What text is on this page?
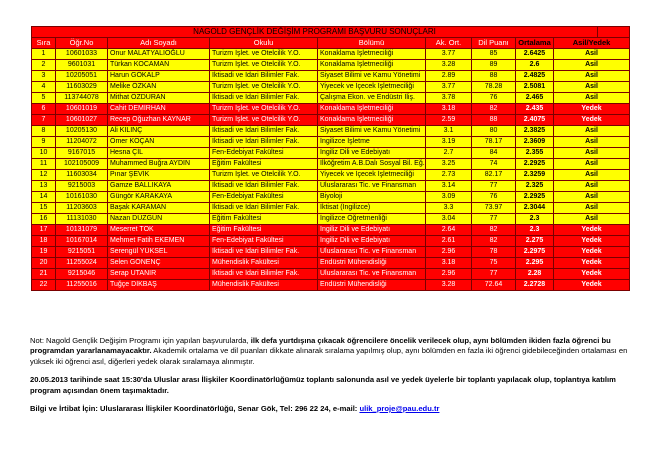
NAGOLD GENÇLİK DEĞİŞİM PROGRAMI BAŞVURU SONUÇLARI									
Sıra	Öğr.No	Adı Soyadı	Okulu	Bölümü	Ak. Ort.	Dil Puanı	Ortalama	Asil/Yedek	
1	10601033	Onur MALATYALIOĞLU	Turizm İşlet. ve Otelcilik Y.O.	Konaklama İşletmeciliği	3.77	85	2.6425	Asil	
2	9601031	Türkan KOCAMAN	Turizm İşlet. ve Otelcilik Y.O.	Konaklama İşletmeciliği	3.28	89	2.6	Asil	
3	10205051	Harun GÖKALP	İktisadi ve İdari Bilimler Fak.	Siyaset Bilimi ve Kamu Yönetimi	2.89	88	2.4825	Asil	
4	11603029	Melike ÖZKAN	Turizm İşlet. ve Otelcilik Y.O.	Yiyecek ve İçecek İşletmeciliği	3.77	78.28	2.5081	Asil	
5	113744078	Mithat ÖZDURAN	İktisadi ve İdari Bilimler Fak.	Çalışma Ekon. ve Endüstri İliş.	3.78	76	2.465	Asil	
6	10601019	Cahit DEMİRHAN	Turizm İşlet. ve Otelcilik Y.O.	Konaklama İşletmeciliği	3.18	82	2.435	Yedek	
7	10601027	Recep Oğuzhan KAYNAR	Turizm İşlet. ve Otelcilik Y.O.	Konaklama İşletmeciliği	2.59	88	2.4075	Yedek	
8	10205130	Ali KILINÇ	İktisadi ve İdari Bilimler Fak.	Siyaset Bilimi ve Kamu Yönetimi	3.1	80	2.3825	Asil	
9	11204072	Ömer KOÇAN	İktisadi ve İdari Bilimler Fak.	İngilizce İşletme	3.19	78.17	2.3609	Asil	
10	9167015	Hesna ÇİL	Fen-Edebiyat Fakültesi	İngiliz Dili ve Edebiyatı	2.7	84	2.355	Asil	
11	102105009	Muhammed Buğra AYDIN	Eğitim Fakültesi	İlköğretim A.B.Dalı Sosyal Bil. Eğ.	3.25	74	2.2925	Asil	
12	11603034	Pınar ŞEVİK	Turizm İşlet. ve Otelcilik Y.O.	Yiyecek ve İçecek İşletmeciliği	2.73	82.17	2.3259	Asil	
13	9215003	Gamze BALLIKAYA	İktisadi ve İdari Bilimler Fak.	Uluslararası Tic. ve Finansman	3.14	77	2.325	Asil	
14	10161030	Güngör KARAKAYA	Fen-Edebiyat Fakültesi	Biyoloji	3.09	76	2.2925	Asil	
15	11203603	Başak KARAMAN	İktisadi ve İdari Bilimler Fak.	İktisat (İngilizce)	3.3	73.97	2.3044	Asil	
16	11131030	Nazan DÜZGÜN	Eğitim Fakültesi	İngilizce Öğretmenliği	3.04	77	2.3	Asil	
17	10131079	Meserret TOK	Eğitim Fakültesi	İngiliz Dili ve Edebiyatı	2.64	82	2.3	Yedek	
18	10167014	Mehmet Fatih EKEMEN	Fen-Edebiyat Fakültesi	İngiliz Dili ve Edebiyatı	2.61	82	2.275	Yedek	
19	9215051	Serengül YÜKSEL	İktisadi ve İdari Bilimler Fak.	Uluslararası Tic. ve Finansman	2.96	78	2.2975	Yedek	
20	11255024	Selen GÖNENÇ	Mühendislik Fakültesi	Endüstri Mühendisliği	3.18	75	2.295	Yedek	
21	9215046	Serap UTANIR	İktisadi ve İdari Bilimler Fak.	Uluslararası Tic. ve Finansman	2.96	77	2.28	Yedek	
22	11255016	Tuğçe DİKBAŞ	Mühendislik Fakültesi	Endüstri Mühendisliği	3.28	72.64	2.2728	Yedek	

Not: Nagold Gençlik Değişim Programı için yapılan başvurularda, ilk defa yurtdışına çıkacak öğrencilere öncelik verilecek olup, aynı bölümden ikiden fazla öğrenci bu programdan yararlanamayacaktır. Akademik ortalama ve dil puanları dikkate alınarak sıralama yapılmış olup, aynı bölümden en fazla iki öğrenci gidebileceğinden ortalaması en yüksek iki öğrenci asıl, diğerleri yedek olarak sıralamaya alınmıştır.

20.05.2013 tarihinde saat 15:30'da Uluslar arası İlişkiler Koordinatörlüğümüz toplantı salonunda asıl ve yedek üyelerle bir toplantı yapılacak olup, toplantıya katılım program açısından önem taşımaktadır.

Bilgi ve İrtibat İçin: Uluslararası İlişkiler Koordinatörlüğü, Senar Gök, Tel: 296 22 24, e-mail: ulik_proje@pau.edu.tr
